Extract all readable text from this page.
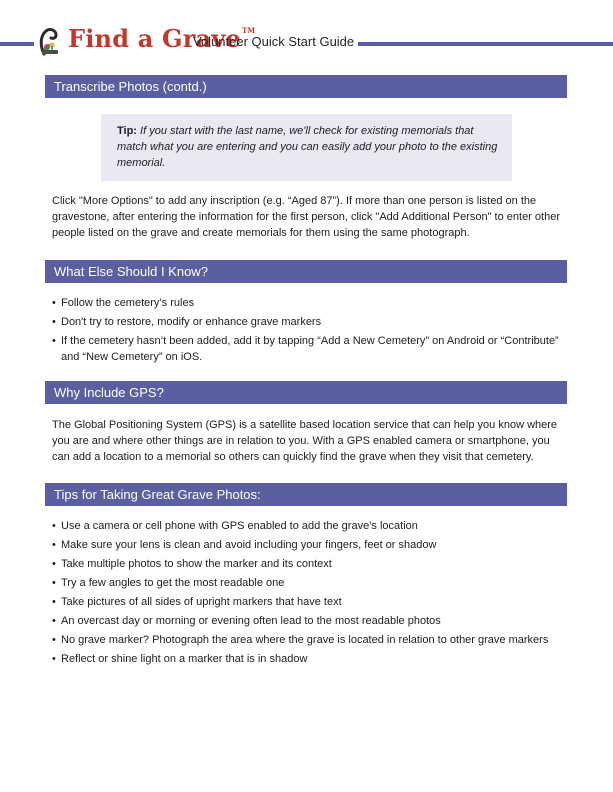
Find a Grave™
Volunteer Quick Start Guide
Transcribe Photos (contd.)
Tip: If you start with the last name, we'll check for existing memorials that match what you are entering and you can easily add your photo to the existing memorial.
Click "More Options" to add any inscription (e.g. “Aged 87”). If more than one person is listed on the gravestone, after entering the information for the first person, click "Add Additional Person" to enter other people listed on the grave and create memorials for them using the same photograph.
What Else Should I Know?
• Follow the cemetery’s rules
• Don't try to restore, modify or enhance grave markers
• If the cemetery hasn’t been added, add it by tapping “Add a New Cemetery” on Android or “Contribute” and “New Cemetery” on iOS.
Why Include GPS?
The Global Positioning System (GPS) is a satellite based location service that can help you know where you are and where other things are in relation to you. With a GPS enabled camera or smartphone, you can add a location to a memorial so others can quickly find the grave when they visit that cemetery.
Tips for Taking Great Grave Photos:
• Use a camera or cell phone with GPS enabled to add the grave’s location
• Make sure your lens is clean and avoid including your fingers, feet or shadow
• Take multiple photos to show the marker and its context
• Try a few angles to get the most readable one
• Take pictures of all sides of upright markers that have text
• An overcast day or morning or evening often lead to the most readable photos
• No grave marker? Photograph the area where the grave is located in relation to other grave markers
• Reflect or shine light on a marker that is in shadow
